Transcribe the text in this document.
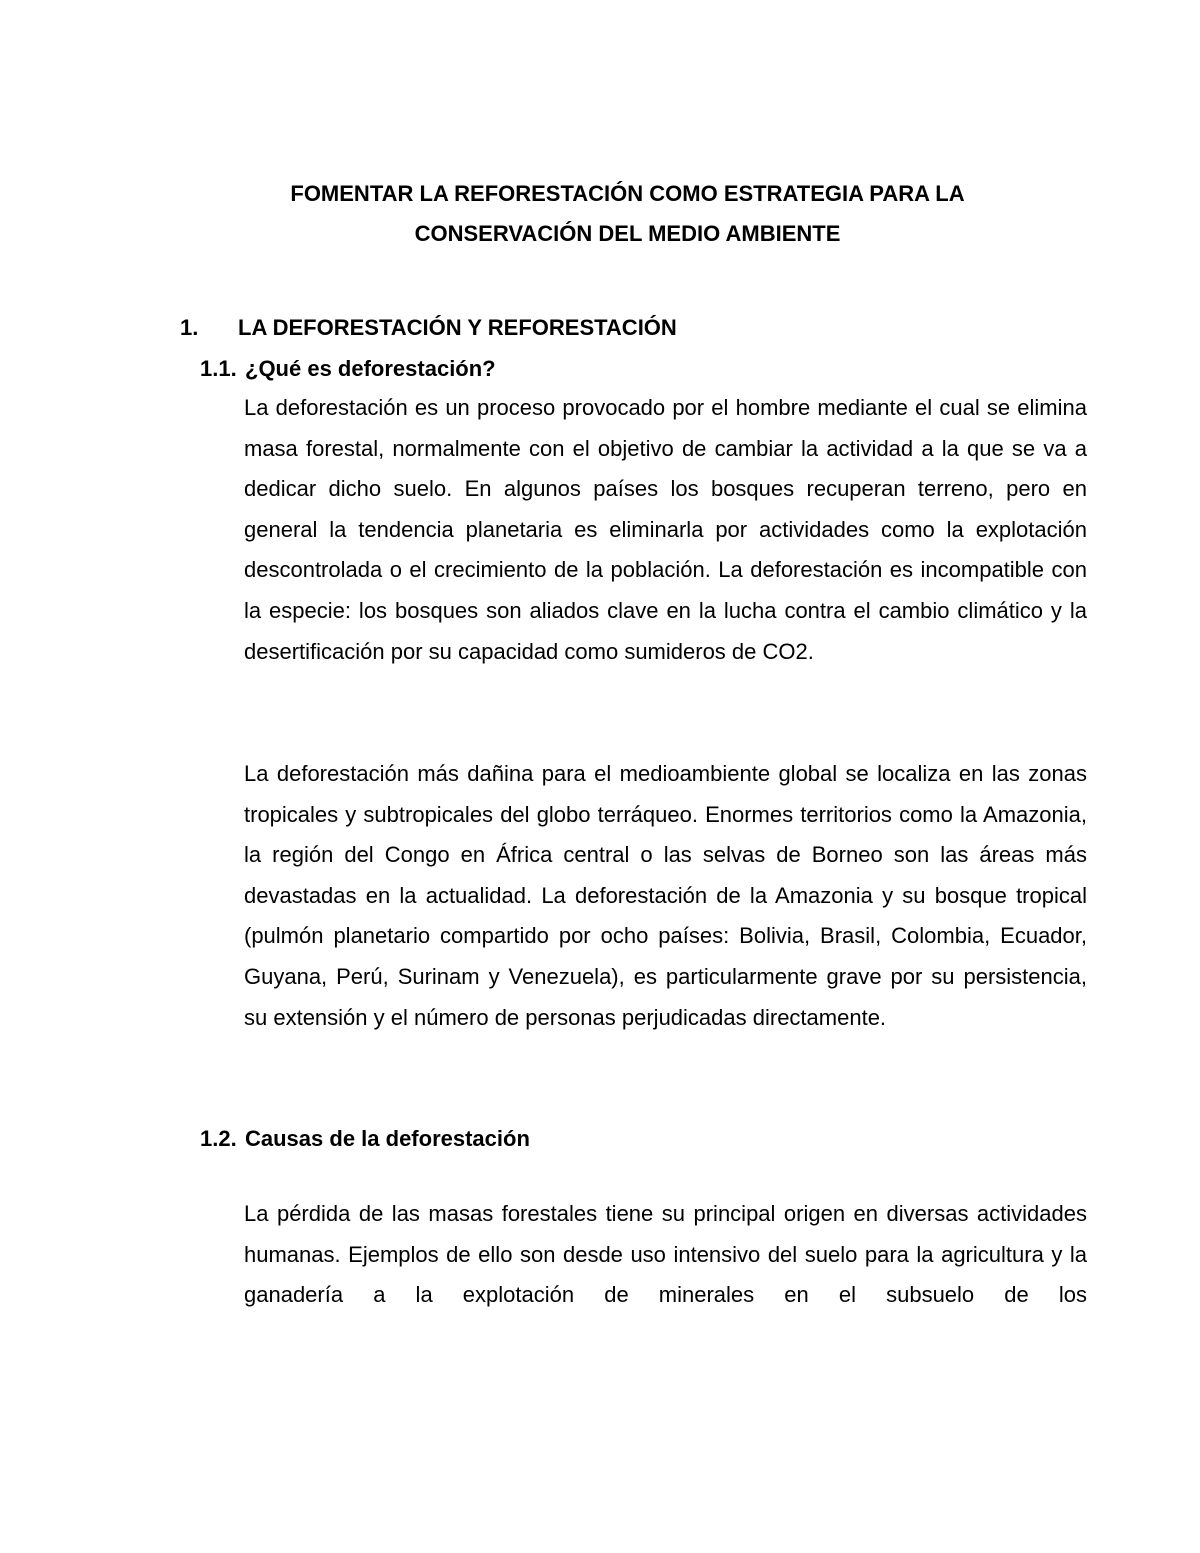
FOMENTAR LA REFORESTACIÓN COMO ESTRATEGIA PARA LA
CONSERVACIÓN DEL MEDIO AMBIENTE
1. LA DEFORESTACIÓN Y REFORESTACIÓN
1.1. ¿Qué es deforestación?
La deforestación es un proceso provocado por el hombre mediante el cual se elimina masa forestal, normalmente con el objetivo de cambiar la actividad a la que se va a dedicar dicho suelo. En algunos países los bosques recuperan terreno, pero en general la tendencia planetaria es eliminarla por actividades como la explotación descontrolada o el crecimiento de la población. La deforestación es incompatible con la especie: los bosques son aliados clave en la lucha contra el cambio climático y la desertificación por su capacidad como sumideros de CO2.
La deforestación más dañina para el medioambiente global se localiza en las zonas tropicales y subtropicales del globo terráqueo. Enormes territorios como la Amazonia, la región del Congo en África central o las selvas de Borneo son las áreas más devastadas en la actualidad. La deforestación de la Amazonia y su bosque tropical (pulmón planetario compartido por ocho países: Bolivia, Brasil, Colombia, Ecuador, Guyana, Perú, Surinam y Venezuela), es particularmente grave por su persistencia, su extensión y el número de personas perjudicadas directamente.
1.2. Causas de la deforestación
La pérdida de las masas forestales tiene su principal origen en diversas actividades humanas. Ejemplos de ello son desde uso intensivo del suelo para la agricultura y la ganadería a la explotación de minerales en el subsuelo de los
